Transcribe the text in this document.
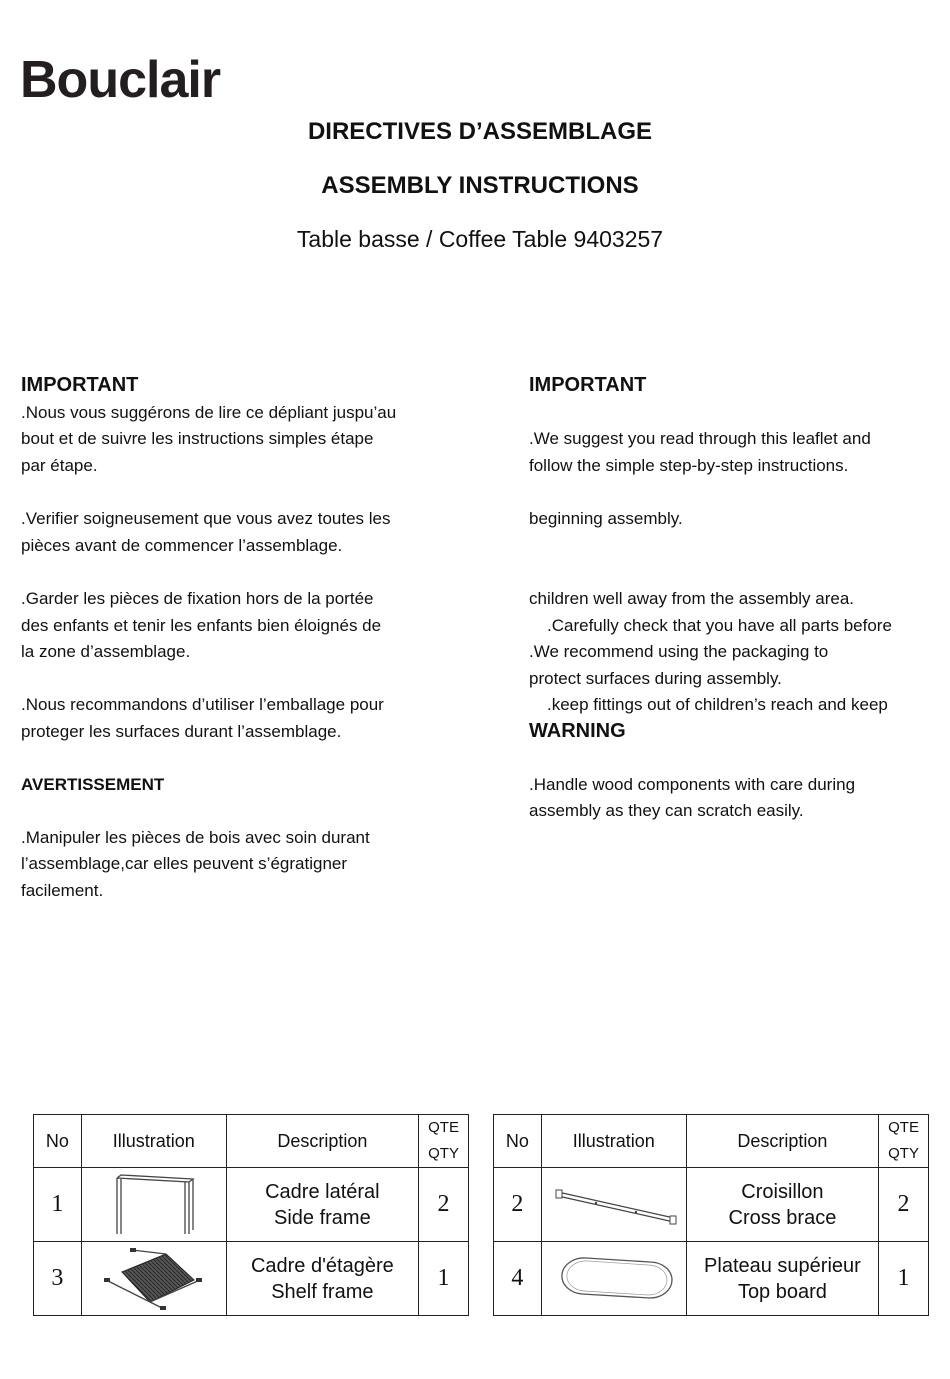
Bouclair
DIRECTIVES D’ASSEMBLAGE
ASSEMBLY INSTRUCTIONS
Table basse / Coffee Table 9403257
IMPORTANT
.Nous vous suggérons de lire ce dépliant juspu’au
bout et de suivre les instructions simples étape
par étape.
.Verifier soigneusement que vous avez toutes les
pièces avant de commencer l’assemblage.
.Garder les pièces de fixation hors de la portée
des enfants et tenir les enfants bien éloignés de
la zone d’assemblage.
.Nous recommandons d’utiliser l’emballage pour
proteger les surfaces durant l’assemblage.
AVERTISSEMENT
.Manipuler les pièces de bois avec soin durant
l’assemblage,car elles peuvent s’égratigner
facilement.
IMPORTANT
.We suggest you read through this leaflet and
follow the simple step-by-step instructions.
beginning assembly.
children well away from the assembly area.
.Carefully check that you have all parts before
.We recommend using the packaging to
protect surfaces during assembly.
.keep fittings out of children’s reach and keep
WARNING
.Handle wood components with care during
assembly as they can scratch easily.
No	Illustration	Description	QTE
QTY

1		Cadre latéral
Side frame	2
3		Cadre d'étagère
Shelf frame	1
No	Illustration	Description	QTE
QTY

2		Croisillon
Cross brace	2
4		Plateau supérieur
Top board	1
